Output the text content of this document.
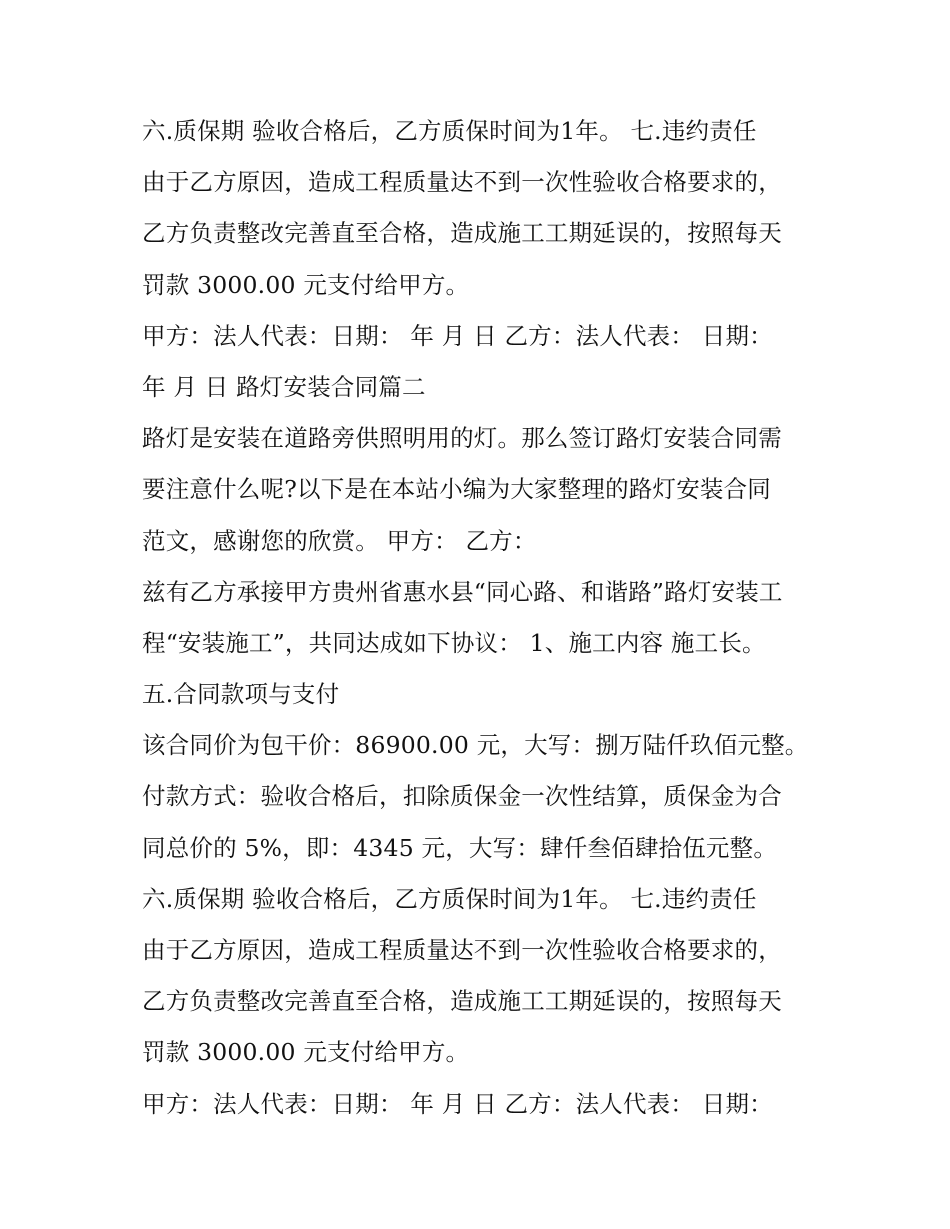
六.质保期 验收合格后，乙方质保时间为1年。 七.违约责任
由于乙方原因，造成工程质量达不到一次性验收合格要求的，
乙方负责整改完善直至合格，造成施工工期延误的，按照每天
罚款 3000.00 元支付给甲方。
甲方：法人代表：日期： 年 月 日 乙方：法人代表： 日期：
年 月 日 路灯安装合同篇二
路灯是安装在道路旁供照明用的灯。那么签订路灯安装合同需
要注意什么呢?以下是在本站小编为大家整理的路灯安装合同
范文，感谢您的欣赏。 甲方： 乙方：
兹有乙方承接甲方贵州省惠水县“同心路、和谐路”路灯安装工
程“安装施工”，共同达成如下协议： 1、施工内容 施工长。
五.合同款项与支付
该合同价为包干价：86900.00 元，大写：捌万陆仟玖佰元整。
付款方式：验收合格后，扣除质保金一次性结算，质保金为合
同总价的 5%，即：4345 元，大写：肆仟叁佰肆拾伍元整。
六.质保期 验收合格后，乙方质保时间为1年。 七.违约责任
由于乙方原因，造成工程质量达不到一次性验收合格要求的，
乙方负责整改完善直至合格，造成施工工期延误的，按照每天
罚款 3000.00 元支付给甲方。
甲方：法人代表：日期： 年 月 日 乙方：法人代表： 日期：
